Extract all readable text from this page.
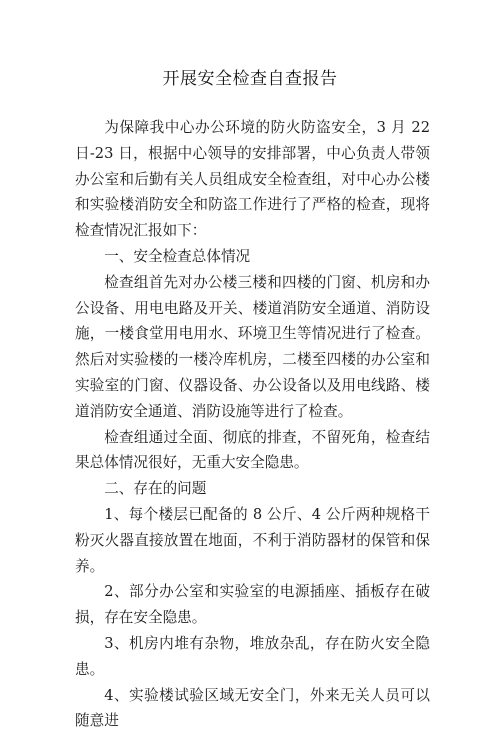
开展安全检查自查报告

为保障我中心办公环境的防火防盗安全，3 月 22 日-23 日，根据中心领导的安排部署，中心负责人带领办公室和后勤有关人员组成安全检查组，对中心办公楼和实验楼消防安全和防盗工作进行了严格的检查，现将检查情况汇报如下：

一、安全检查总体情况

检查组首先对办公楼三楼和四楼的门窗、机房和办公设备、用电电路及开关、楼道消防安全通道、消防设施，一楼食堂用电用水、环境卫生等情况进行了检查。然后对实验楼的一楼冷库机房，二楼至四楼的办公室和实验室的门窗、仪器设备、办公设备以及用电线路、楼道消防安全通道、消防设施等进行了检查。

检查组通过全面、彻底的排查，不留死角，检查结果总体情况很好，无重大安全隐患。

二、存在的问题

1、每个楼层已配备的 8 公斤、4 公斤两种规格干粉灭火器直接放置在地面，不利于消防器材的保管和保养。

2、部分办公室和实验室的电源插座、插板存在破损，存在安全隐患。

3、机房内堆有杂物，堆放杂乱，存在防火安全隐患。

4、实验楼试验区域无安全门，外来无关人员可以随意进
